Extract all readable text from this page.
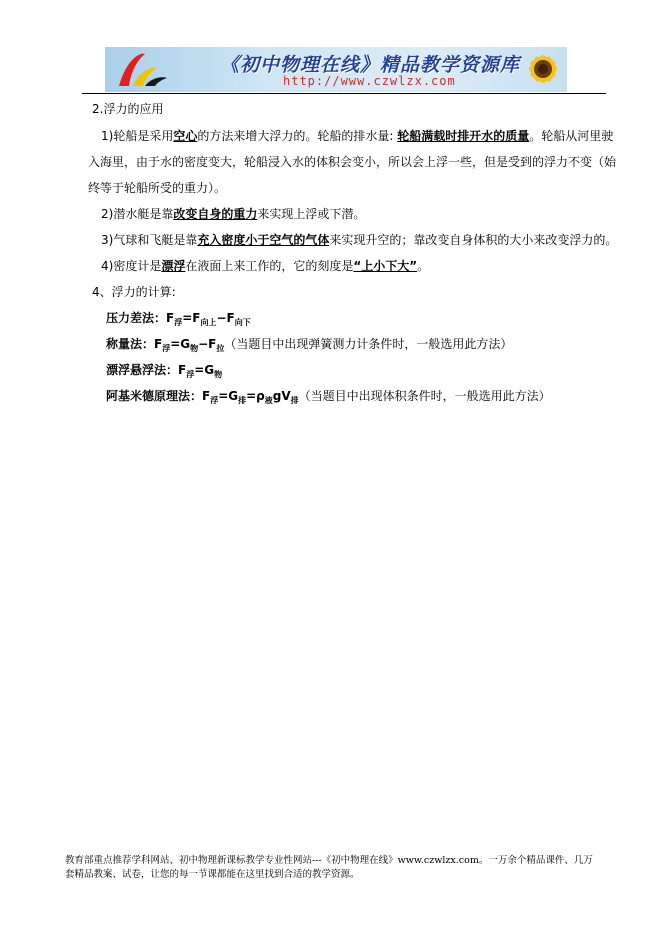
《初中物理在线》精品教学资源库
http://www.czwlzx.com
2.浮力的应用
1)轮船是采用空心的方法来增大浮力的。轮船的排水量: 轮船满载时排开水的质量。轮船从河里驶
入海里，由于水的密度变大，轮船浸入水的体积会变小，所以会上浮一些，但是受到的浮力不变（始
终等于轮船所受的重力）。
2)潜水艇是靠改变自身的重力来实现上浮或下潜。
3)气球和飞艇是靠充入密度小于空气的气体来实现升空的；靠改变自身体积的大小来改变浮力的。
4)密度计是漂浮在液面上来工作的，它的刻度是“上小下大”。
4、浮力的计算:
压力差法：$F_浮=F_{向上}-F_{向下}$
称量法：$F_浮=G_物-F_拉$（当题目中出现弹簧测力计条件时，一般选用此方法）
漂浮悬浮法：$F_浮=G_物$
阿基米德原理法：$F_浮=G_排=\rho_液gV_排$（当题目中出现体积条件时，一般选用此方法）
教育部重点推荐学科网站、初中物理新课标教学专业性网站---《初中物理在线》www.czwlzx.com。一万余个精品课件、几万
套精品教案、试卷，让您的每一节课都能在这里找到合适的教学资源。
